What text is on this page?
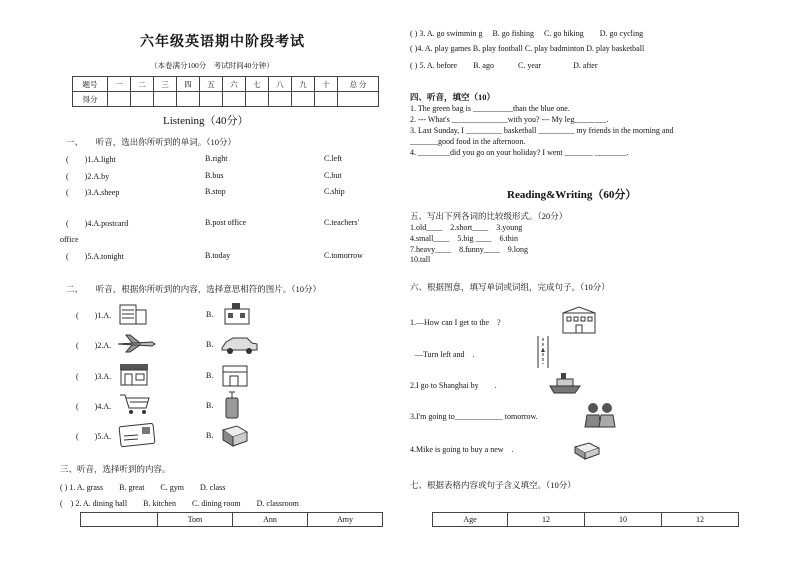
六年级英语期中阶段考试
（本卷满分100分　考试时间40分钟）
题号	一	二	三	四	五	六	七	八	九	十	总 分
得分											
Listening（40分）
一、　　听音，选出你所听到的单词。（10分）
(　　)1.A.light	B.right	C.left
(　　)2.A.by	B.bus	C.but
(　　)3.A.sheep	B.stop	C.ship
(　　)4.A.postcard	B.post office	C.teachers'
office
(　　)5.A.tonight	B.today	C.tomorrow
二、　　听音，根据你所听到的内容，选择意思相符的图片。（10分）
(　　)1.A.	B.
(　　)2.A.	B.
(　　)3.A.	B.
(　　)4.A.	B.
(　　)5.A.	B.
三、听音，选择听到的内容。
( ) 1. A. grass　　B. great　　C. gym　　D. class
(　) 2. A. dining hall　　B. kitchen　　C. dining room　　D. classroom
	Tom	Ann	Amy
( ) 3. A. go swimmin g　 B. go fishing　 C. go hiking　　D. go cycling
( )4. A. play games B. play football C. play badminton D. play basketball
( ) 5. A. before　　B. ago　　　C. year　　　　D. after
四、听音，填空（10）
1. The green bag is __________than the blue one.
2. --- What's ______________with you? --- My leg________.
3. Last Sunday, I _________ basketball _________ my friends in the morning and
_______good food in the afternoon.
4. ________did you go on your holiday? I went _______ ________.
Reading&Writing（60分）
五、写出下列各词的比较级形式。（20分）
1.old____　2.short____　3.young
4.small____　5.big ____　6.thin
7.heavy____　8.funny____　9.long
10.tall
六、根据图意，填写单词或词组，完成句子。（10分）
1.—How can I get to the　?
—Turn left and　.
2.I go to Shanghai by　　.
3.I'm going to____________ tomorrow.
4.Mike is going to buy a new　.
七、根据表格内容或句子含义填空。（10分）
Age	12	10	12
